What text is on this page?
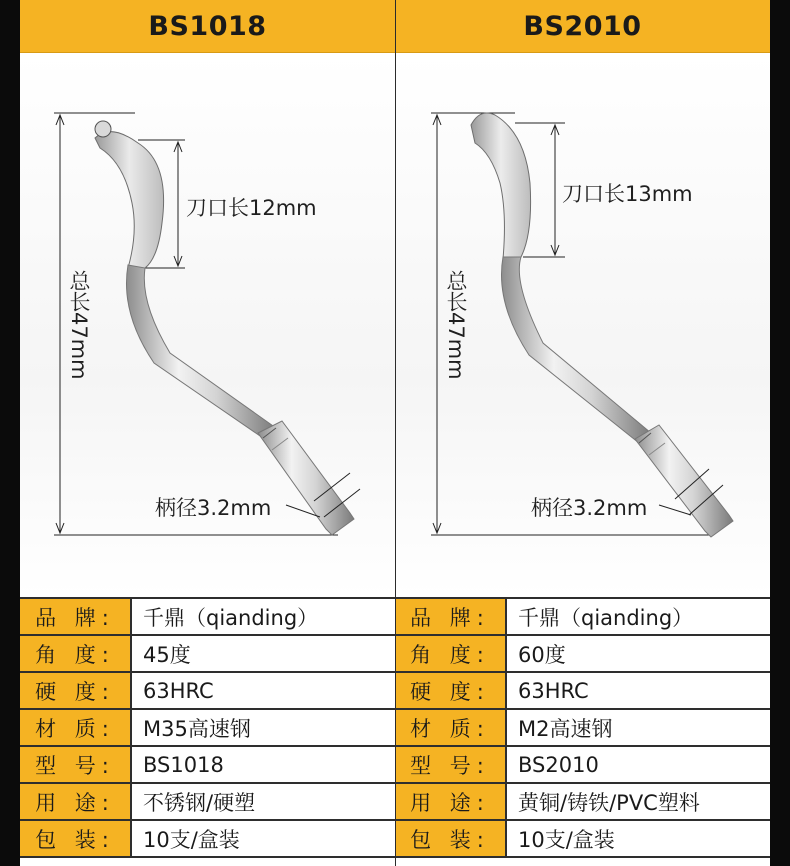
BS1018
刀口长12mm
总长47mm
柄径3.2mm
品 牌:	千鼎（qianding）
角 度:	45度
硬 度:	63HRC
材 质:	M35高速钢
型 号:	BS1018
用 途:	不锈钢/硬塑
包 装:	10支/盒装
BS2010
刀口长13mm
总长47mm
柄径3.2mm
品 牌:	千鼎（qianding）
角 度:	60度
硬 度:	63HRC
材 质:	M2高速钢
型 号:	BS2010
用 途:	黄铜/铸铁/PVC塑料
包 装:	10支/盒装
